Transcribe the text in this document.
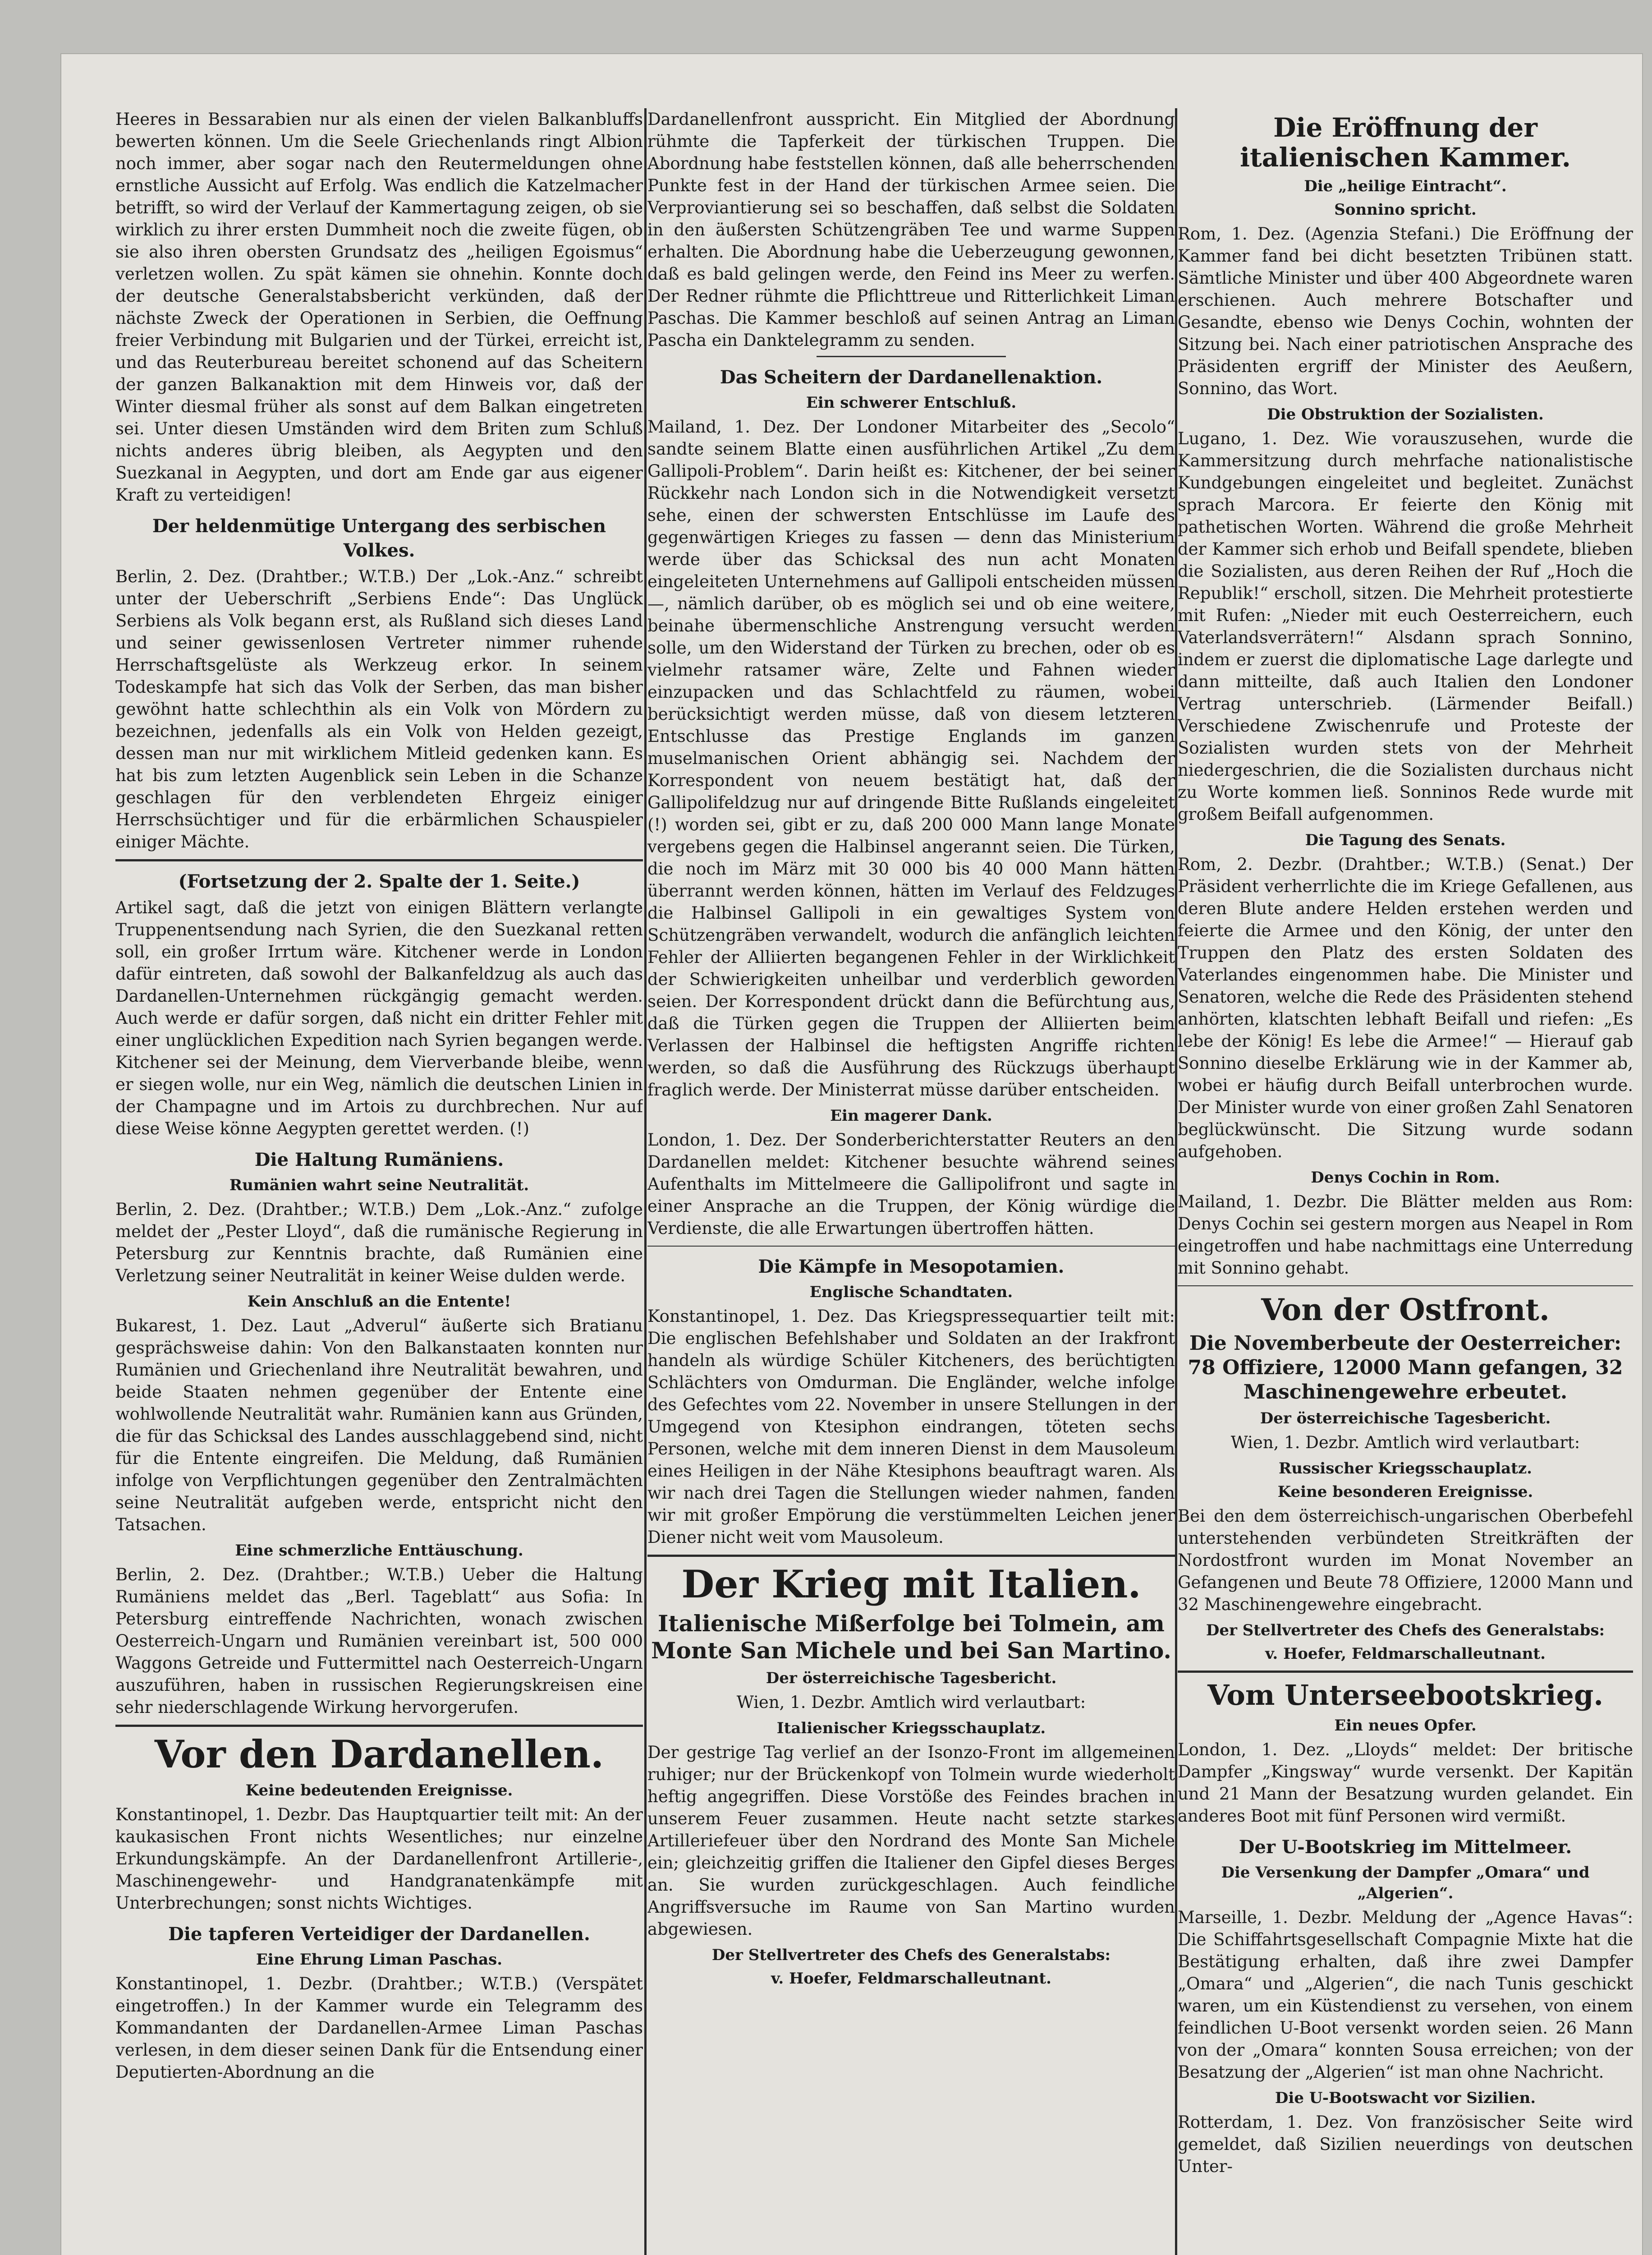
Heeres in Bessarabien nur als einen der vielen Balkanbluffs bewerten können. Um die Seele Griechenlands ringt Albion noch immer, aber sogar nach den Reutermeldungen ohne ernstliche Aussicht auf Erfolg. Was endlich die Katzelmacher betrifft, so wird der Verlauf der Kammertagung zeigen, ob sie wirklich zu ihrer ersten Dummheit noch die zweite fügen, ob sie also ihren obersten Grundsatz des „heiligen Egoismus“ verletzen wollen. Zu spät kämen sie ohnehin. Konnte doch der deutsche Generalstabsbericht verkünden, daß der nächste Zweck der Operationen in Serbien, die Oeffnung freier Verbindung mit Bulgarien und der Türkei, erreicht ist, und das Reuterbureau bereitet schonend auf das Scheitern der ganzen Balkanaktion mit dem Hinweis vor, daß der Winter diesmal früher als sonst auf dem Balkan eingetreten sei. Unter diesen Umständen wird dem Briten zum Schluß nichts anderes übrig bleiben, als Aegypten und den Suezkanal in Aegypten, und dort am Ende gar aus eigener Kraft zu verteidigen!

Der heldenmütige Untergang des serbischen Volkes.

Berlin, 2. Dez. (Drahtber.; W.T.B.) Der „Lok.-Anz.“ schreibt unter der Ueberschrift „Serbiens Ende“: Das Unglück Serbiens als Volk begann erst, als Rußland sich dieses Land und seiner gewissenlosen Vertreter nimmer ruhende Herrschaftsgelüste als Werkzeug erkor. In seinem Todeskampfe hat sich das Volk der Serben, das man bisher gewöhnt hatte schlechthin als ein Volk von Mördern zu bezeichnen, jedenfalls als ein Volk von Helden gezeigt, dessen man nur mit wirklichem Mitleid gedenken kann. Es hat bis zum letzten Augenblick sein Leben in die Schanze geschlagen für den verblendeten Ehrgeiz einiger Herrschsüchtiger und für die erbärmlichen Schauspieler einiger Mächte.

(Fortsetzung der 2. Spalte der 1. Seite.)

Artikel sagt, daß die jetzt von einigen Blättern verlangte Truppenentsendung nach Syrien, die den Suezkanal retten soll, ein großer Irrtum wäre. Kitchener werde in London dafür eintreten, daß sowohl der Balkanfeldzug als auch das Dardanellen-Unternehmen rückgängig gemacht werden. Auch werde er dafür sorgen, daß nicht ein dritter Fehler mit einer unglücklichen Expedition nach Syrien begangen werde. Kitchener sei der Meinung, dem Vierverbande bleibe, wenn er siegen wolle, nur ein Weg, nämlich die deutschen Linien in der Champagne und im Artois zu durchbrechen. Nur auf diese Weise könne Aegypten gerettet werden. (!)

Die Haltung Rumäniens.
Rumänien wahrt seine Neutralität.

Berlin, 2. Dez. (Drahtber.; W.T.B.) Dem „Lok.-Anz.“ zufolge meldet der „Pester Lloyd“, daß die rumänische Regierung in Petersburg zur Kenntnis brachte, daß Rumänien eine Verletzung seiner Neutralität in keiner Weise dulden werde.

Kein Anschluß an die Entente!

Bukarest, 1. Dez. Laut „Adverul“ äußerte sich Bratianu gesprächsweise dahin: Von den Balkanstaaten konnten nur Rumänien und Griechenland ihre Neutralität bewahren, und beide Staaten nehmen gegenüber der Entente eine wohlwollende Neutralität wahr. Rumänien kann aus Gründen, die für das Schicksal des Landes ausschlaggebend sind, nicht für die Entente eingreifen. Die Meldung, daß Rumänien infolge von Verpflichtungen gegenüber den Zentralmächten seine Neutralität aufgeben werde, entspricht nicht den Tatsachen.

Eine schmerzliche Enttäuschung.

Berlin, 2. Dez. (Drahtber.; W.T.B.) Ueber die Haltung Rumäniens meldet das „Berl. Tageblatt“ aus Sofia: In Petersburg eintreffende Nachrichten, wonach zwischen Oesterreich-Ungarn und Rumänien vereinbart ist, 500 000 Waggons Getreide und Futtermittel nach Oesterreich-Ungarn auszuführen, haben in russischen Regierungskreisen eine sehr niederschlagende Wirkung hervorgerufen.

Vor den Dardanellen.
Keine bedeutenden Ereignisse.

Konstantinopel, 1. Dezbr. Das Hauptquartier teilt mit: An der kaukasischen Front nichts Wesentliches; nur einzelne Erkundungskämpfe. An der Dardanellenfront Artillerie-, Maschinengewehr- und Handgranatenkämpfe mit Unterbrechungen; sonst nichts Wichtiges.

Die tapferen Verteidiger der Dardanellen.
Eine Ehrung Liman Paschas.

Konstantinopel, 1. Dezbr. (Drahtber.; W.T.B.) (Verspätet eingetroffen.) In der Kammer wurde ein Telegramm des Kommandanten der Dardanellen-Armee Liman Paschas verlesen, in dem dieser seinen Dank für die Entsendung einer Deputierten-Abordnung an die

Dardanellenfront ausspricht. Ein Mitglied der Abordnung rühmte die Tapferkeit der türkischen Truppen. Die Abordnung habe feststellen können, daß alle beherrschenden Punkte fest in der Hand der türkischen Armee seien. Die Verproviantierung sei so beschaffen, daß selbst die Soldaten in den äußersten Schützengräben Tee und warme Suppen erhalten. Die Abordnung habe die Ueberzeugung gewonnen, daß es bald gelingen werde, den Feind ins Meer zu werfen. Der Redner rühmte die Pflichttreue und Ritterlichkeit Liman Paschas. Die Kammer beschloß auf seinen Antrag an Liman Pascha ein Danktelegramm zu senden.

Das Scheitern der Dardanellenaktion.
Ein schwerer Entschluß.

Mailand, 1. Dez. Der Londoner Mitarbeiter des „Secolo“ sandte seinem Blatte einen ausführlichen Artikel „Zu dem Gallipoli-Problem“. Darin heißt es: Kitchener, der bei seiner Rückkehr nach London sich in die Notwendigkeit versetzt sehe, einen der schwersten Entschlüsse im Laufe des gegenwärtigen Krieges zu fassen — denn das Ministerium werde über das Schicksal des nun acht Monaten eingeleiteten Unternehmens auf Gallipoli entscheiden müssen —, nämlich darüber, ob es möglich sei und ob eine weitere, beinahe übermenschliche Anstrengung versucht werden solle, um den Widerstand der Türken zu brechen, oder ob es vielmehr ratsamer wäre, Zelte und Fahnen wieder einzupacken und das Schlachtfeld zu räumen, wobei berücksichtigt werden müsse, daß von diesem letzteren Entschlusse das Prestige Englands im ganzen muselmanischen Orient abhängig sei. Nachdem der Korrespondent von neuem bestätigt hat, daß der Gallipolifeldzug nur auf dringende Bitte Rußlands eingeleitet (!) worden sei, gibt er zu, daß 200 000 Mann lange Monate vergebens gegen die Halbinsel angerannt seien. Die Türken, die noch im März mit 30 000 bis 40 000 Mann hätten überrannt werden können, hätten im Verlauf des Feldzuges die Halbinsel Gallipoli in ein gewaltiges System von Schützengräben verwandelt, wodurch die anfänglich leichten Fehler der Alliierten begangenen Fehler in der Wirklichkeit der Schwierigkeiten unheilbar und verderblich geworden seien. Der Korrespondent drückt dann die Befürchtung aus, daß die Türken gegen die Truppen der Alliierten beim Verlassen der Halbinsel die heftigsten Angriffe richten werden, so daß die Ausführung des Rückzugs überhaupt fraglich werde. Der Ministerrat müsse darüber entscheiden.

Ein magerer Dank.

London, 1. Dez. Der Sonderberichterstatter Reuters an den Dardanellen meldet: Kitchener besuchte während seines Aufenthalts im Mittelmeere die Gallipolifront und sagte in einer Ansprache an die Truppen, der König würdige die Verdienste, die alle Erwartungen übertroffen hätten.

Die Kämpfe in Mesopotamien.
Englische Schandtaten.

Konstantinopel, 1. Dez. Das Kriegspressequartier teilt mit: Die englischen Befehlshaber und Soldaten an der Irakfront handeln als würdige Schüler Kitcheners, des berüchtigten Schlächters von Omdurman. Die Engländer, welche infolge des Gefechtes vom 22. November in unsere Stellungen in der Umgegend von Ktesiphon eindrangen, töteten sechs Personen, welche mit dem inneren Dienst in dem Mausoleum eines Heiligen in der Nähe Ktesiphons beauftragt waren. Als wir nach drei Tagen die Stellungen wieder nahmen, fanden wir mit großer Empörung die verstümmelten Leichen jener Diener nicht weit vom Mausoleum.

Der Krieg mit Italien.
Italienische Mißerfolge bei Tolmein, am Monte San Michele und bei San Martino.
Der österreichische Tagesbericht.

Wien, 1. Dezbr. Amtlich wird verlautbart:

Italienischer Kriegsschauplatz.

Der gestrige Tag verlief an der Isonzo-Front im allgemeinen ruhiger; nur der Brückenkopf von Tolmein wurde wiederholt heftig angegriffen. Diese Vorstöße des Feindes brachen in unserem Feuer zusammen. Heute nacht setzte starkes Artilleriefeuer über den Nordrand des Monte San Michele ein; gleichzeitig griffen die Italiener den Gipfel dieses Berges an. Sie wurden zurückgeschlagen. Auch feindliche Angriffsversuche im Raume von San Martino wurden abgewiesen.

Der Stellvertreter des Chefs des Generalstabs:
v. Hoefer, Feldmarschalleutnant.
Die Eröffnung der italienischen Kammer.
Die „heilige Eintracht“.
Sonnino spricht.

Rom, 1. Dez. (Agenzia Stefani.) Die Eröffnung der Kammer fand bei dicht besetzten Tribünen statt. Sämtliche Minister und über 400 Abgeordnete waren erschienen. Auch mehrere Botschafter und Gesandte, ebenso wie Denys Cochin, wohnten der Sitzung bei. Nach einer patriotischen Ansprache des Präsidenten ergriff der Minister des Aeußern, Sonnino, das Wort.

Die Obstruktion der Sozialisten.

Lugano, 1. Dez. Wie vorauszusehen, wurde die Kammersitzung durch mehrfache nationalistische Kundgebungen eingeleitet und begleitet. Zunächst sprach Marcora. Er feierte den König mit pathetischen Worten. Während die große Mehrheit der Kammer sich erhob und Beifall spendete, blieben die Sozialisten, aus deren Reihen der Ruf „Hoch die Republik!“ erscholl, sitzen. Die Mehrheit protestierte mit Rufen: „Nieder mit euch Oesterreichern, euch Vaterlandsverrätern!“ Alsdann sprach Sonnino, indem er zuerst die diplomatische Lage darlegte und dann mitteilte, daß auch Italien den Londoner Vertrag unterschrieb. (Lärmender Beifall.) Verschiedene Zwischenrufe und Proteste der Sozialisten wurden stets von der Mehrheit niedergeschrien, die die Sozialisten durchaus nicht zu Worte kommen ließ. Sonninos Rede wurde mit großem Beifall aufgenommen.

Die Tagung des Senats.

Rom, 2. Dezbr. (Drahtber.; W.T.B.) (Senat.) Der Präsident verherrlichte die im Kriege Gefallenen, aus deren Blute andere Helden erstehen werden und feierte die Armee und den König, der unter den Truppen den Platz des ersten Soldaten des Vaterlandes eingenommen habe. Die Minister und Senatoren, welche die Rede des Präsidenten stehend anhörten, klatschten lebhaft Beifall und riefen: „Es lebe der König! Es lebe die Armee!“ — Hierauf gab Sonnino dieselbe Erklärung wie in der Kammer ab, wobei er häufig durch Beifall unterbrochen wurde. Der Minister wurde von einer großen Zahl Senatoren beglückwünscht. Die Sitzung wurde sodann aufgehoben.

Denys Cochin in Rom.

Mailand, 1. Dezbr. Die Blätter melden aus Rom: Denys Cochin sei gestern morgen aus Neapel in Rom eingetroffen und habe nachmittags eine Unterredung mit Sonnino gehabt.

Von der Ostfront.
Die Novemberbeute der Oesterreicher: 78 Offiziere, 12000 Mann gefangen, 32 Maschinengewehre erbeutet.
Der österreichische Tagesbericht.

Wien, 1. Dezbr. Amtlich wird verlautbart:

Russischer Kriegsschauplatz.
Keine besonderen Ereignisse.

Bei den dem österreichisch-ungarischen Oberbefehl unterstehenden verbündeten Streitkräften der Nordostfront wurden im Monat November an Gefangenen und Beute 78 Offiziere, 12000 Mann und 32 Maschinengewehre eingebracht.

Der Stellvertreter des Chefs des Generalstabs:
v. Hoefer, Feldmarschalleutnant.
Vom Unterseebootskrieg.
Ein neues Opfer.

London, 1. Dez. „Lloyds“ meldet: Der britische Dampfer „Kingsway“ wurde versenkt. Der Kapitän und 21 Mann der Besatzung wurden gelandet. Ein anderes Boot mit fünf Personen wird vermißt.

Der U-Bootskrieg im Mittelmeer.
Die Versenkung der Dampfer „Omara“ und „Algerien“.

Marseille, 1. Dezbr. Meldung der „Agence Havas“: Die Schiffahrtsgesellschaft Compagnie Mixte hat die Bestätigung erhalten, daß ihre zwei Dampfer „Omara“ und „Algerien“, die nach Tunis geschickt waren, um ein Küstendienst zu versehen, von einem feindlichen U-Boot versenkt worden seien. 26 Mann von der „Omara“ konnten Sousa erreichen; von der Besatzung der „Algerien“ ist man ohne Nachricht.

Die U-Bootswacht vor Sizilien.

Rotterdam, 1. Dez. Von französischer Seite wird gemeldet, daß Sizilien neuerdings von deutschen Unter-
